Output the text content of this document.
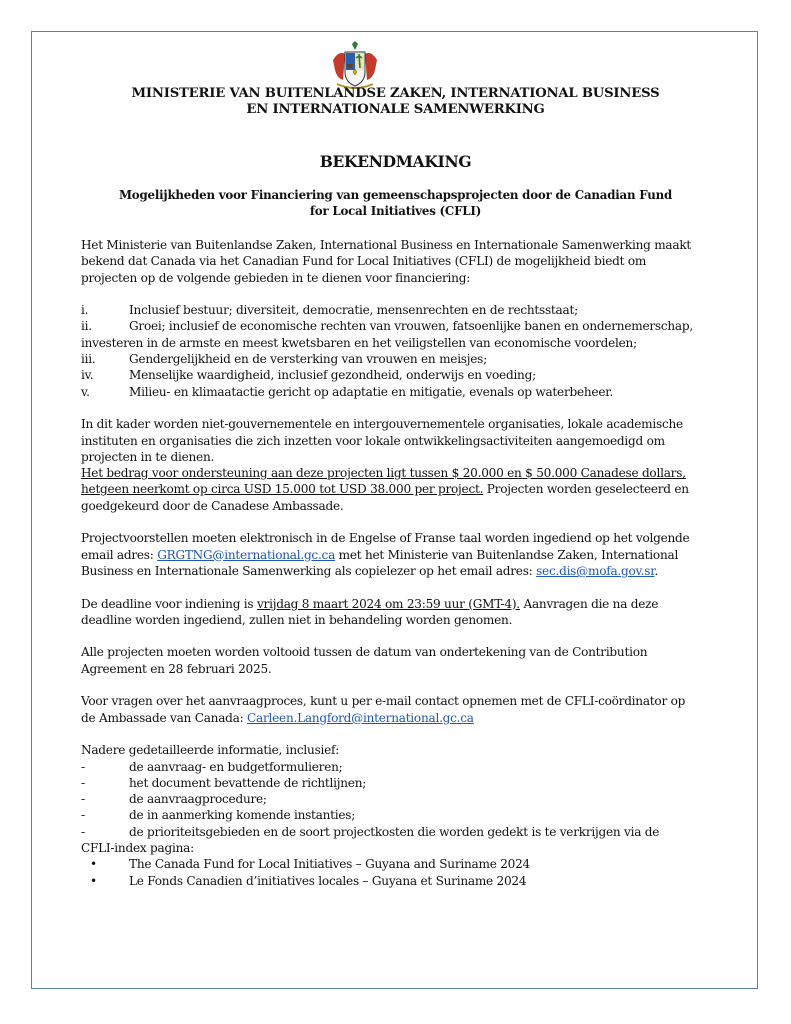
MINISTERIE VAN BUITENLANDSE ZAKEN, INTERNATIONAL BUSINESS
EN INTERNATIONALE SAMENWERKING
BEKENDMAKING
Mogelijkheden voor Financiering van gemeenschapsprojecten door de Canadian Fund
for Local Initiatives (CFLI)

Het Ministerie van Buitenlandse Zaken, International Business en Internationale Samenwerking maakt

bekend dat Canada via het Canadian Fund for Local Initiatives (CFLI) de mogelijkheid biedt om

projecten op de volgende gebieden in te dienen voor financiering:

i.	Inclusief bestuur; diversiteit, democratie, mensenrechten en de rechtsstaat;
ii.	Groei; inclusief de economische rechten van vrouwen, fatsoenlijke banen en ondernemerschap,
investeren in de armste en meest kwetsbaren en het veiligstellen van economische voordelen;
iii.	Gendergelijkheid en de versterking van vrouwen en meisjes;
iv.	Menselijke waardigheid, inclusief gezondheid, onderwijs en voeding;
v.	Milieu- en klimaatactie gericht op adaptatie en mitigatie, evenals op waterbeheer.

In dit kader worden niet-gouvernementele en intergouvernementele organisaties, lokale academische

instituten en organisaties die zich inzetten voor lokale ontwikkelingsactiviteiten aangemoedigd om

projecten in te dienen.

Het bedrag voor ondersteuning aan deze projecten ligt tussen $ 20.000 en $ 50.000 Canadese dollars,

hetgeen neerkomt op circa USD 15.000 tot USD 38.000 per project. Projecten worden geselecteerd en

goedgekeurd door de Canadese Ambassade.

Projectvoorstellen moeten elektronisch in de Engelse of Franse taal worden ingediend op het volgende

email adres: GRGTNG@international.gc.ca met het Ministerie van Buitenlandse Zaken, International

Business en Internationale Samenwerking als copielezer op het email adres: sec.dis@mofa.gov.sr.

De deadline voor indiening is vrijdag 8 maart 2024 om 23:59 uur (GMT-4). Aanvragen die na deze

deadline worden ingediend, zullen niet in behandeling worden genomen.

Alle projecten moeten worden voltooid tussen de datum van ondertekening van de Contribution

Agreement en 28 februari 2025.

Voor vragen over het aanvraagproces, kunt u per e-mail contact opnemen met de CFLI-coördinator op

de Ambassade van Canada: Carleen.Langford@international.gc.ca

Nadere gedetailleerde informatie, inclusief:

-	de aanvraag- en budgetformulieren;
-	het document bevattende de richtlijnen;
-	de aanvraagprocedure;
-	de in aanmerking komende instanties;
-	de prioriteitsgebieden en de soort projectkosten die worden gedekt is te verkrijgen via de

CFLI-index pagina:

•	The Canada Fund for Local Initiatives – Guyana and Suriname 2024
•	Le Fonds Canadien d’initiatives locales – Guyana et Suriname 2024
